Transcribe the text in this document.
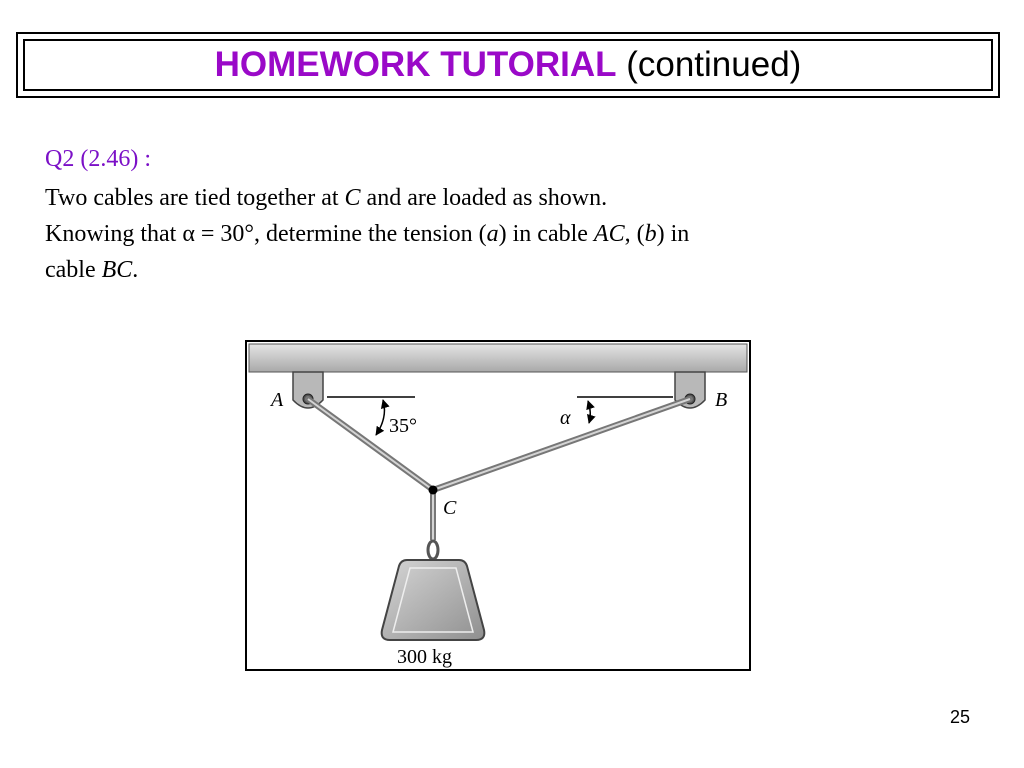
HOMEWORK TUTORIAL (continued)
Q2 (2.46) :
Two cables are tied together at C and are loaded as shown.
Knowing that α = 30°, determine the tension (a) in cable AC, (b) in
cable BC.
A	B
C
35°	α
300 kg
25
